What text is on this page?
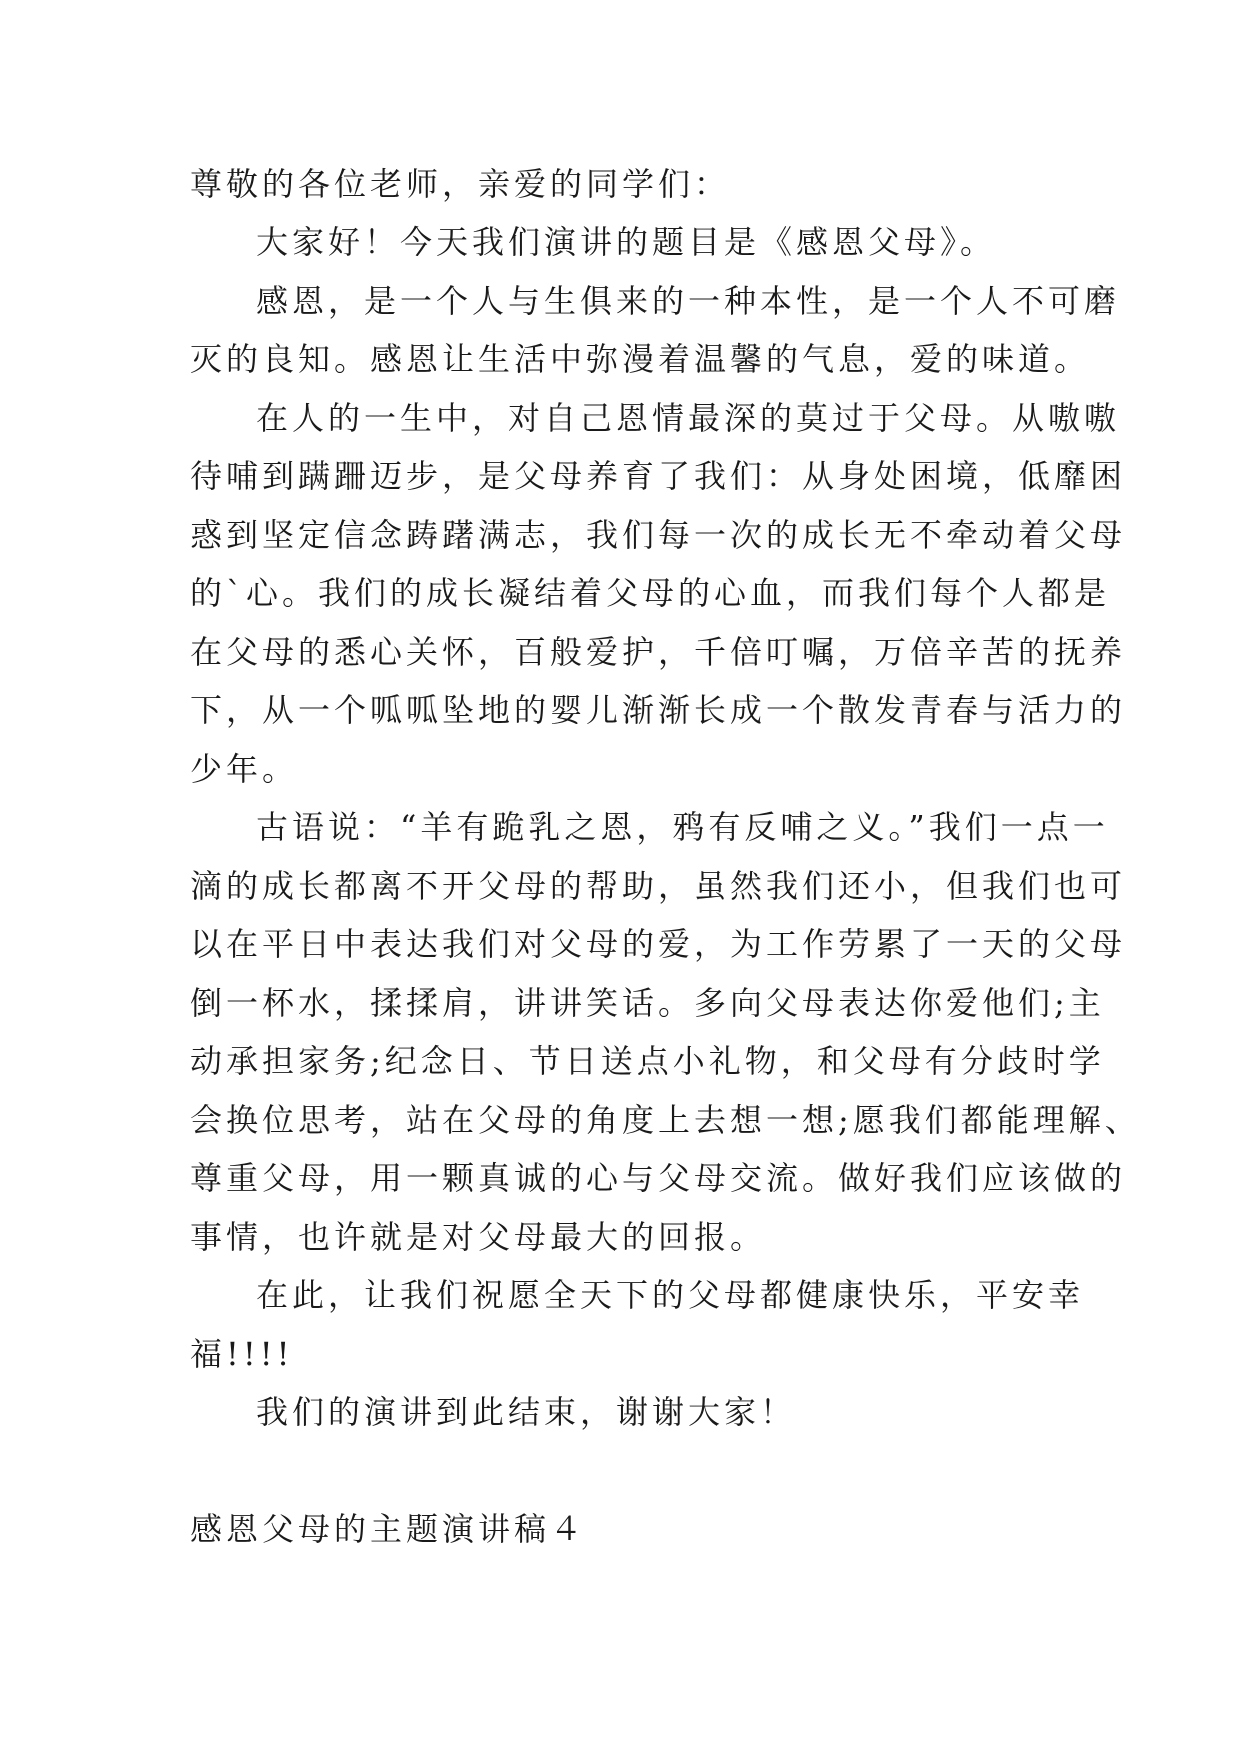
尊敬的各位老师，亲爱的同学们：
大家好！今天我们演讲的题目是《感恩父母》。
感恩，是一个人与生俱来的一种本性，是一个人不可磨
灭的良知。感恩让生活中弥漫着温馨的气息，爱的味道。
在人的一生中，对自己恩情最深的莫过于父母。从嗷嗷
待哺到蹒跚迈步，是父母养育了我们：从身处困境，低靡困
惑到坚定信念踌躇满志，我们每一次的成长无不牵动着父母
的`心。我们的成长凝结着父母的心血，而我们每个人都是
在父母的悉心关怀，百般爱护，千倍叮嘱，万倍辛苦的抚养
下，从一个呱呱坠地的婴儿渐渐长成一个散发青春与活力的
少年。
古语说：“羊有跪乳之恩，鸦有反哺之义。”我们一点一
滴的成长都离不开父母的帮助，虽然我们还小，但我们也可
以在平日中表达我们对父母的爱，为工作劳累了一天的父母
倒一杯水，揉揉肩，讲讲笑话。多向父母表达你爱他们;主
动承担家务;纪念日、节日送点小礼物，和父母有分歧时学
会换位思考，站在父母的角度上去想一想;愿我们都能理解、
尊重父母，用一颗真诚的心与父母交流。做好我们应该做的
事情，也许就是对父母最大的回报。
在此，让我们祝愿全天下的父母都健康快乐，平安幸
福!!!!
我们的演讲到此结束，谢谢大家！
感恩父母的主题演讲稿４
